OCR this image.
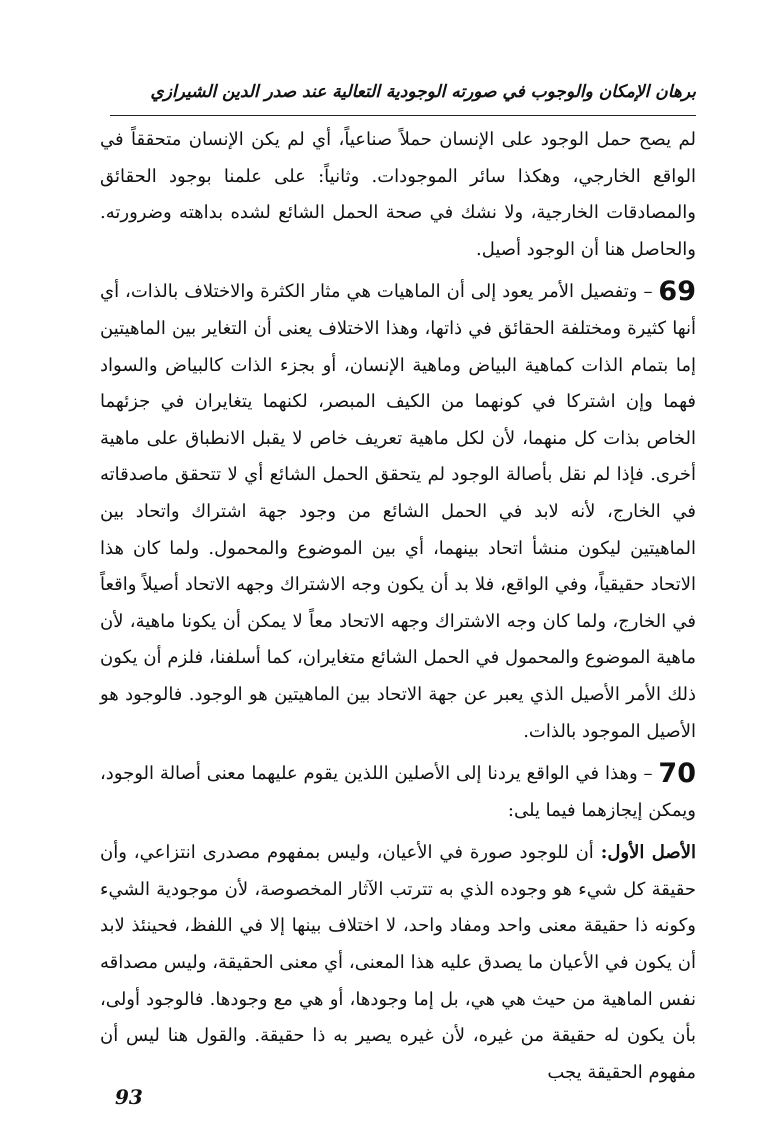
برهان الإمكان والوجوب في صورته الوجودية التعالية عند صدر الدين الشيرازي

لم يصح حمل الوجود على الإنسان حملاً صناعياً، أي لم يكن الإنسان متحققاً في الواقع الخارجي، وهكذا سائر الموجودات. وثانياً: على علمنا بوجود الحقائق والمصادقات الخارجية، ولا نشك في صحة الحمل الشائع لشده بداهته وضرورته. والحاصل هنا أن الوجود أصيل.

69 – وتفصيل الأمر يعود إلى أن الماهيات هي مثار الكثرة والاختلاف بالذات، أي أنها كثيرة ومختلفة الحقائق في ذاتها، وهذا الاختلاف يعنى أن التغاير بين الماهيتين إما بتمام الذات كماهية البياض وماهية الإنسان، أو بجزء الذات كالبياض والسواد فهما وإن اشتركا في كونهما من الكيف المبصر، لكنهما يتغايران في جزئهما الخاص بذات كل منهما، لأن لكل ماهية تعريف خاص لا يقبل الانطباق على ماهية أخرى. فإذا لم نقل بأصالة الوجود لم يتحقق الحمل الشائع أي لا تتحقق ماصدقاته في الخارج، لأنه لابد في الحمل الشائع من وجود جهة اشتراك واتحاد بين الماهيتين ليكون منشأ اتحاد بينهما، أي بين الموضوع والمحمول. ولما كان هذا الاتحاد حقيقياً، وفي الواقع، فلا بد أن يكون وجه الاشتراك وجهه الاتحاد أصيلاً واقعاً في الخارج، ولما كان وجه الاشتراك وجهه الاتحاد معاً لا يمكن أن يكونا ماهية، لأن ماهية الموضوع والمحمول في الحمل الشائع متغايران، كما أسلفنا، فلزم أن يكون ذلك الأمر الأصيل الذي يعبر عن جهة الاتحاد بين الماهيتين هو الوجود. فالوجود هو الأصيل الموجود بالذات.

70 – وهذا في الواقع يردنا إلى الأصلين اللذين يقوم عليهما معنى أصالة الوجود، ويمكن إيجازهما فيما يلى:

الأصل الأول: أن للوجود صورة في الأعيان، وليس بمفهوم مصدرى انتزاعي، وأن حقيقة كل شيء هو وجوده الذي به تترتب الآثار المخصوصة، لأن موجودية الشيء وكونه ذا حقيقة معنى واحد ومفاد واحد، لا اختلاف بينها إلا في اللفظ، فحينئذ لابد أن يكون في الأعيان ما يصدق عليه هذا المعنى، أي معنى الحقيقة، وليس مصداقه نفس الماهية من حيث هي هي، بل إما وجودها، أو هي مع وجودها. فالوجود أولى، بأن يكون له حقيقة من غيره، لأن غيره يصير به ذا حقيقة. والقول هنا ليس أن مفهوم الحقيقة يجب

93
